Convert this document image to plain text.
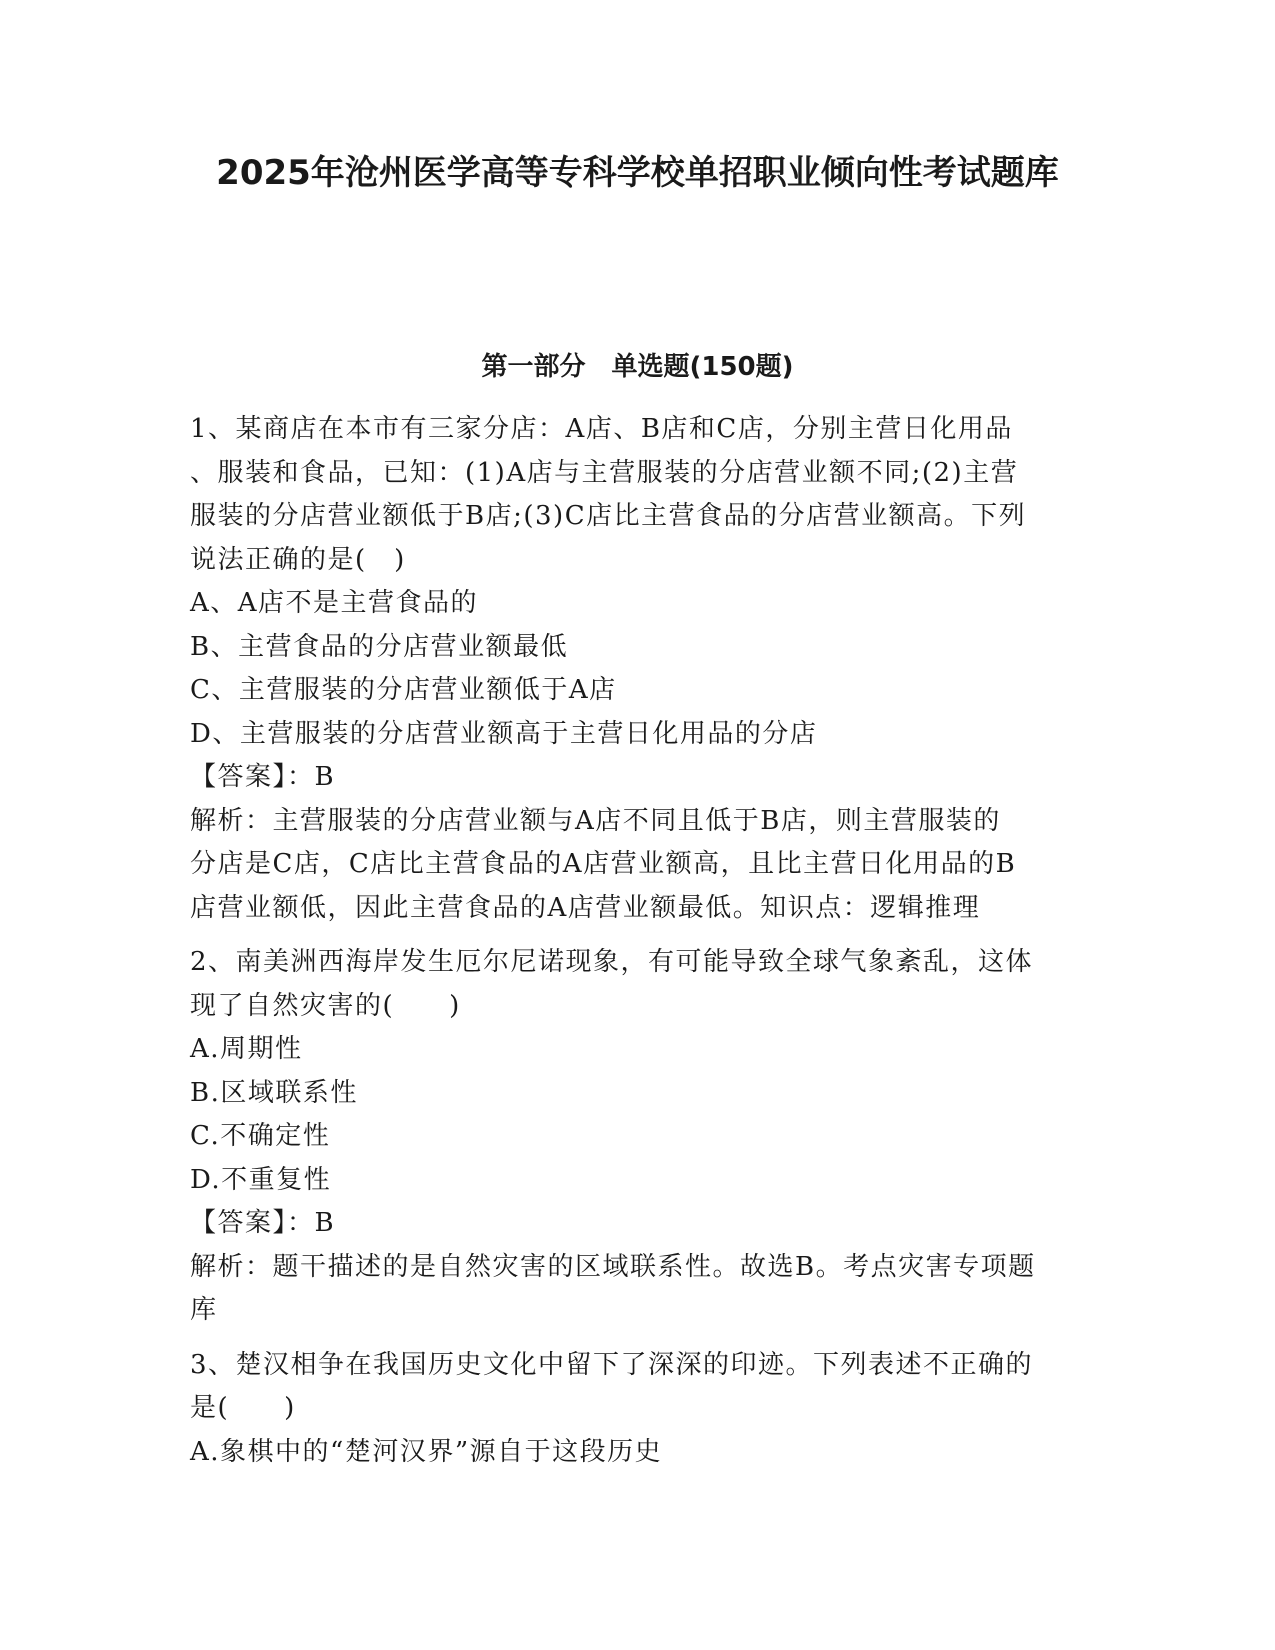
2025年沧州医学高等专科学校单招职业倾向性考试题库
第一部分　单选题(150题)

1、某商店在本市有三家分店：A店、B店和C店，分别主营日化用品

、服装和食品，已知：(1)A店与主营服装的分店营业额不同;(2)主营

服装的分店营业额低于B店;(3)C店比主营食品的分店营业额高。下列

说法正确的是(　)

A、A店不是主营食品的

B、主营食品的分店营业额最低

C、主营服装的分店营业额低于A店

D、主营服装的分店营业额高于主营日化用品的分店

【答案】：B

解析：主营服装的分店营业额与A店不同且低于B店，则主营服装的

分店是C店，C店比主营食品的A店营业额高，且比主营日化用品的B

店营业额低，因此主营食品的A店营业额最低。知识点：逻辑推理

2、南美洲西海岸发生厄尔尼诺现象，有可能导致全球气象紊乱，这体

现了自然灾害的(　　)

A.周期性

B.区域联系性

C.不确定性

D.不重复性

【答案】：B

解析：题干描述的是自然灾害的区域联系性。故选B。考点灾害专项题

库

3、楚汉相争在我国历史文化中留下了深深的印迹。下列表述不正确的

是(　　)

A.象棋中的“楚河汉界”源自于这段历史
